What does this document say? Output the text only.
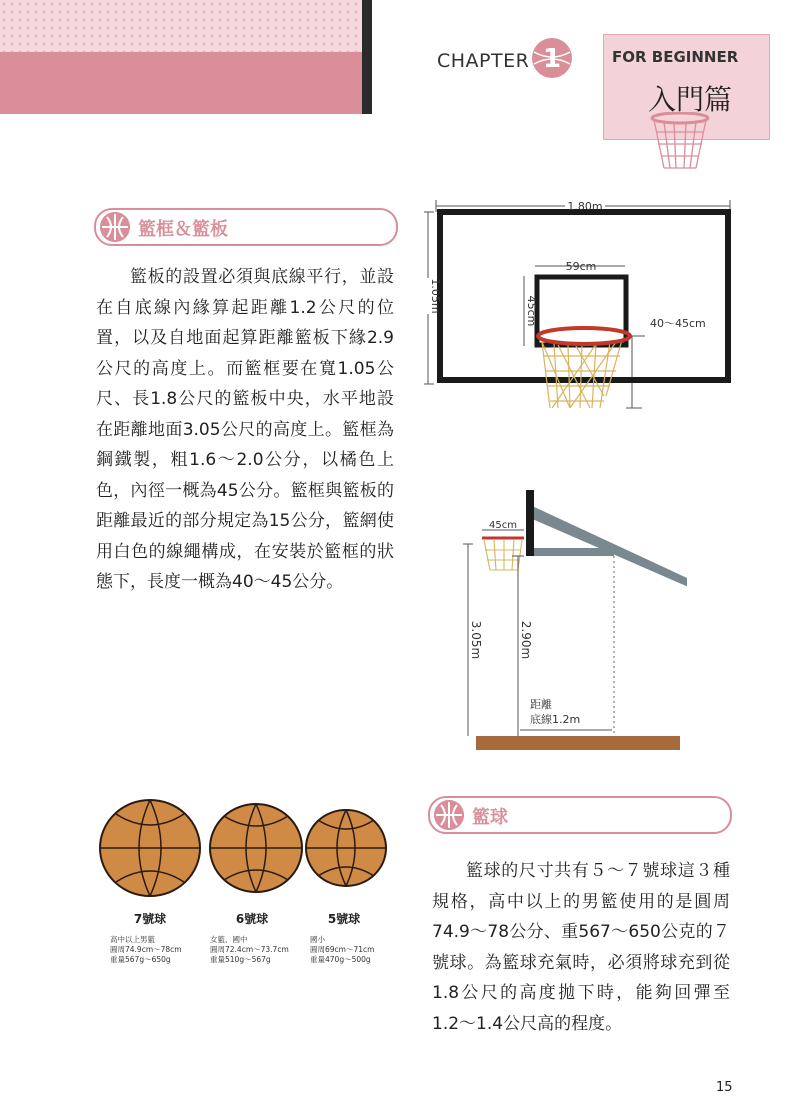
CHAPTER 1	FOR BEGINNER
入門篇
籃框＆籃板

籃板的設置必須與底線平行，並設在自底線內緣算起距離1.2公尺的位置，以及自地面起算距離籃板下緣2.9公尺的高度上。而籃框要在寬1.05公尺、長1.8公尺的籃板中央，水平地設在距離地面3.05公尺的高度上。籃框為鋼鐵製，粗1.6〜2.0公分，以橘色上色，內徑一概為45公分。籃框與籃板的距離最近的部分規定為15公分，籃網使用白色的線繩構成，在安裝於籃框的狀態下，長度一概為40〜45公分。

1.80m
1.05m
59cm
45cm	40〜45cm
45cm
3.05m	2.90m
距離
底線1.2m
7號球	6號球	5號球
高中以上男籃
圓周74.9cm〜78cm
重量567g〜650g
女籃、國中
圓周72.4cm〜73.7cm
重量510g〜567g
國小
圓周69cm〜71cm
重量470g〜500g
籃球

籃球的尺寸共有５〜７號球這３種規格，高中以上的男籃使用的是圓周74.9〜78公分、重567〜650公克的７號球。為籃球充氣時，必須將球充到從1.8公尺的高度拋下時，能夠回彈至1.2〜1.4公尺高的程度。

15
